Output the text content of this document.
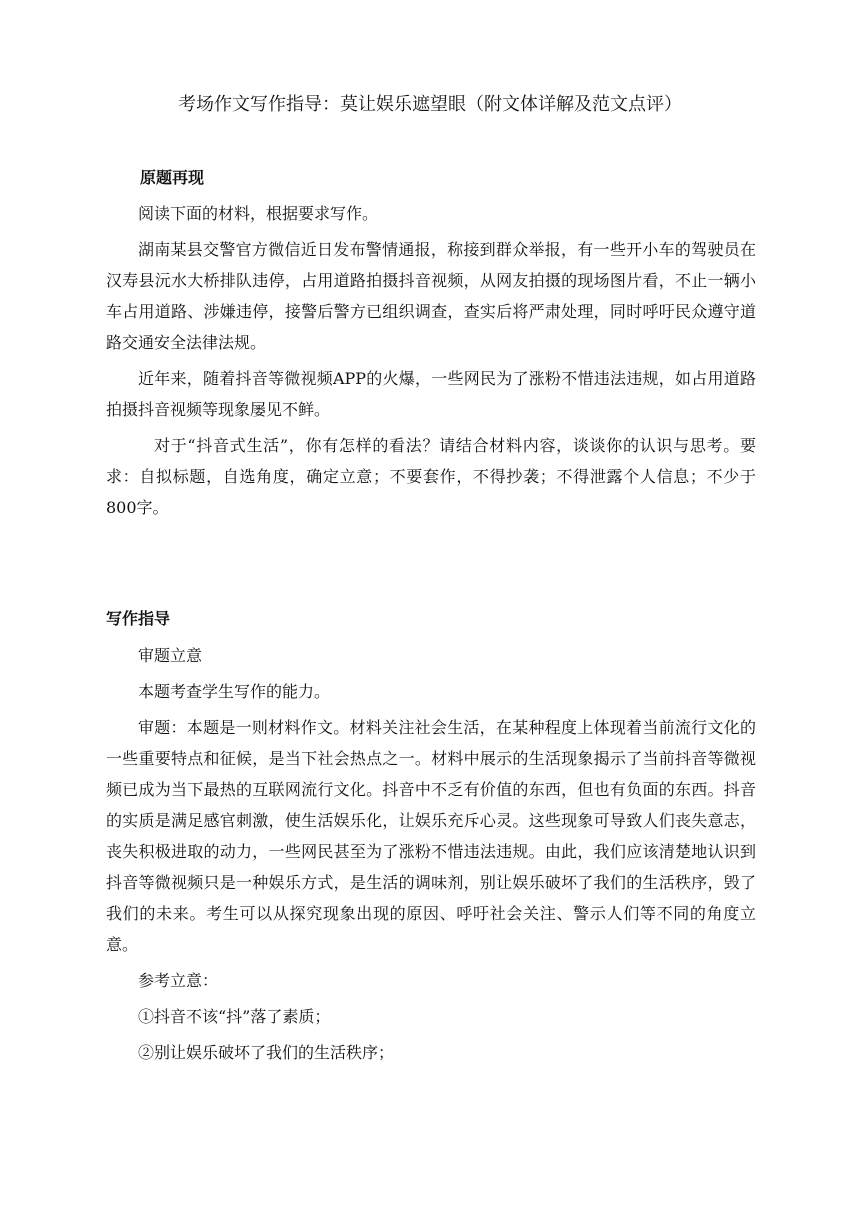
考场作文写作指导：莫让娱乐遮望眼（附文体详解及范文点评）
原题再现

阅读下面的材料，根据要求写作。

湖南某县交警官方微信近日发布警情通报，称接到群众举报，有一些开小车的驾驶员在汉寿县沅水大桥排队违停，占用道路拍摄抖音视频，从网友拍摄的现场图片看，不止一辆小车占用道路、涉嫌违停，接警后警方已组织调查，查实后将严肃处理，同时呼吁民众遵守道路交通安全法律法规。

近年来，随着抖音等微视频APP的火爆，一些网民为了涨粉不惜违法违规，如占用道路拍摄抖音视频等现象屡见不鲜。

对于“抖音式生活”，你有怎样的看法？请结合材料内容，谈谈你的认识与思考。要求：自拟标题，自选角度，确定立意；不要套作，不得抄袭；不得泄露个人信息；不少于800字。

写作指导

审题立意

本题考查学生写作的能力。

审题：本题是一则材料作文。材料关注社会生活，在某种程度上体现着当前流行文化的一些重要特点和征候，是当下社会热点之一。材料中展示的生活现象揭示了当前抖音等微视频已成为当下最热的互联网流行文化。抖音中不乏有价值的东西，但也有负面的东西。抖音的实质是满足感官刺激，使生活娱乐化，让娱乐充斥心灵。这些现象可导致人们丧失意志，丧失积极进取的动力，一些网民甚至为了涨粉不惜违法违规。由此，我们应该清楚地认识到抖音等微视频只是一种娱乐方式，是生活的调味剂，别让娱乐破坏了我们的生活秩序，毁了我们的未来。考生可以从探究现象出现的原因、呼吁社会关注、警示人们等不同的角度立意。

参考立意：

①抖音不该“抖”落了素质；

②别让娱乐破坏了我们的生活秩序；
